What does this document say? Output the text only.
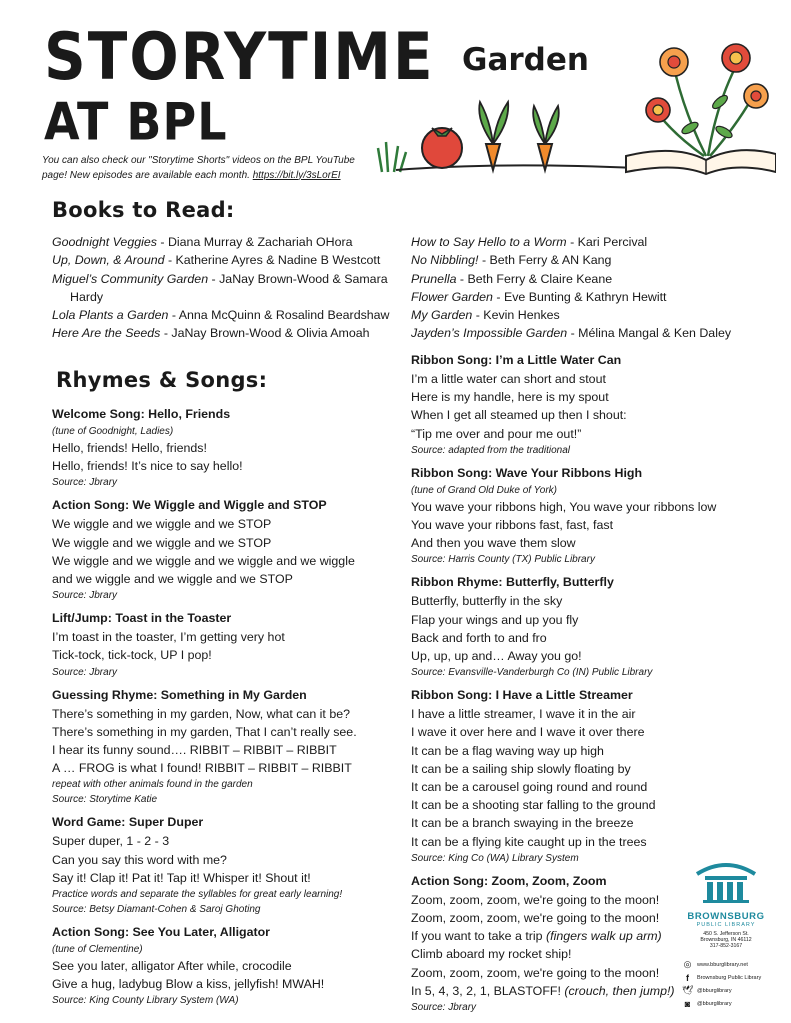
STORYTIME
AT BPL
Garden
You can also check our "Storytime Shorts" videos on the BPL YouTube page! New episodes are available each month. https://bit.ly/3sLorEI
Books to Read:
Goodnight Veggies - Diana Murray & Zachariah OHora
Up, Down, & Around - Katherine Ayres & Nadine B Westcott
Miguel’s Community Garden - JaNay Brown-Wood & Samara Hardy
Lola Plants a Garden - Anna McQuinn & Rosalind Beardshaw
Here Are the Seeds - JaNay Brown-Wood & Olivia Amoah
How to Say Hello to a Worm - Kari Percival
No Nibbling! - Beth Ferry & AN Kang
Prunella - Beth Ferry & Claire Keane
Flower Garden - Eve Bunting & Kathryn Hewitt
My Garden - Kevin Henkes
Jayden’s Impossible Garden - Mélina Mangal & Ken Daley
Rhymes & Songs:
Welcome Song: Hello, Friends
(tune of Goodnight, Ladies)
Hello, friends! Hello, friends!
Hello, friends! It’s nice to say hello!
Source: Jbrary
Action Song: We Wiggle and Wiggle and STOP
We wiggle and we wiggle and we STOP
We wiggle and we wiggle and we STOP
We wiggle and we wiggle and we wiggle and we wiggle
and we wiggle and we wiggle and we STOP
Source: Jbrary
Lift/Jump: Toast in the Toaster
I’m toast in the toaster, I’m getting very hot
Tick-tock, tick-tock, UP I pop!
Source: Jbrary
Guessing Rhyme: Something in My Garden
There’s something in my garden, Now, what can it be?
There’s something in my garden, That I can’t really see.
I hear its funny sound…. RIBBIT – RIBBIT – RIBBIT
A … FROG is what I found! RIBBIT – RIBBIT – RIBBIT
repeat with other animals found in the garden
Source: Storytime Katie
Word Game: Super Duper
Super duper, 1 - 2 - 3
Can you say this word with me?
Say it! Clap it! Pat it! Tap it! Whisper it! Shout it!
Practice words and separate the syllables for great early learning!
Source: Betsy Diamant-Cohen & Saroj Ghoting
Action Song: See You Later, Alligator
(tune of Clementine)
See you later, alligator After while, crocodile
Give a hug, ladybug Blow a kiss, jellyfish! MWAH!
Source: King County Library System (WA)
Ribbon Song: I’m a Little Water Can
I’m a little water can short and stout
Here is my handle, here is my spout
When I get all steamed up then I shout:
“Tip me over and pour me out!”
Source: adapted from the traditional
Ribbon Song: Wave Your Ribbons High
(tune of Grand Old Duke of York)
You wave your ribbons high, You wave your ribbons low
You wave your ribbons fast, fast, fast
And then you wave them slow
Source: Harris County (TX) Public Library
Ribbon Rhyme: Butterfly, Butterfly
Butterfly, butterfly in the sky
Flap your wings and up you fly
Back and forth to and fro
Up, up, up and… Away you go!
Source: Evansville-Vanderburgh Co (IN) Public Library
Ribbon Song: I Have a Little Streamer
I have a little streamer, I wave it in the air
I wave it over here and I wave it over there
It can be a flag waving way up high
It can be a sailing ship slowly floating by
It can be a carousel going round and round
It can be a shooting star falling to the ground
It can be a branch swaying in the breeze
It can be a flying kite caught up in the trees
Source: King Co (WA) Library System
Action Song: Zoom, Zoom, Zoom
Zoom, zoom, zoom, we're going to the moon!
Zoom, zoom, zoom, we're going to the moon!
If you want to take a trip (fingers walk up arm)
Climb aboard my rocket ship!
Zoom, zoom, zoom, we're going to the moon!
In 5, 4, 3, 2, 1, BLASTOFF! (crouch, then jump!)
Source: Jbrary
BROWNSBURG
PUBLIC LIBRARY
450 S. Jefferson St.
Brownsburg, IN 46112
317-852-3167
◎ www.bburglibrary.net
f	Brownsburg Public Library
🕊 @bburglibrary
◙	@bburglibrary
